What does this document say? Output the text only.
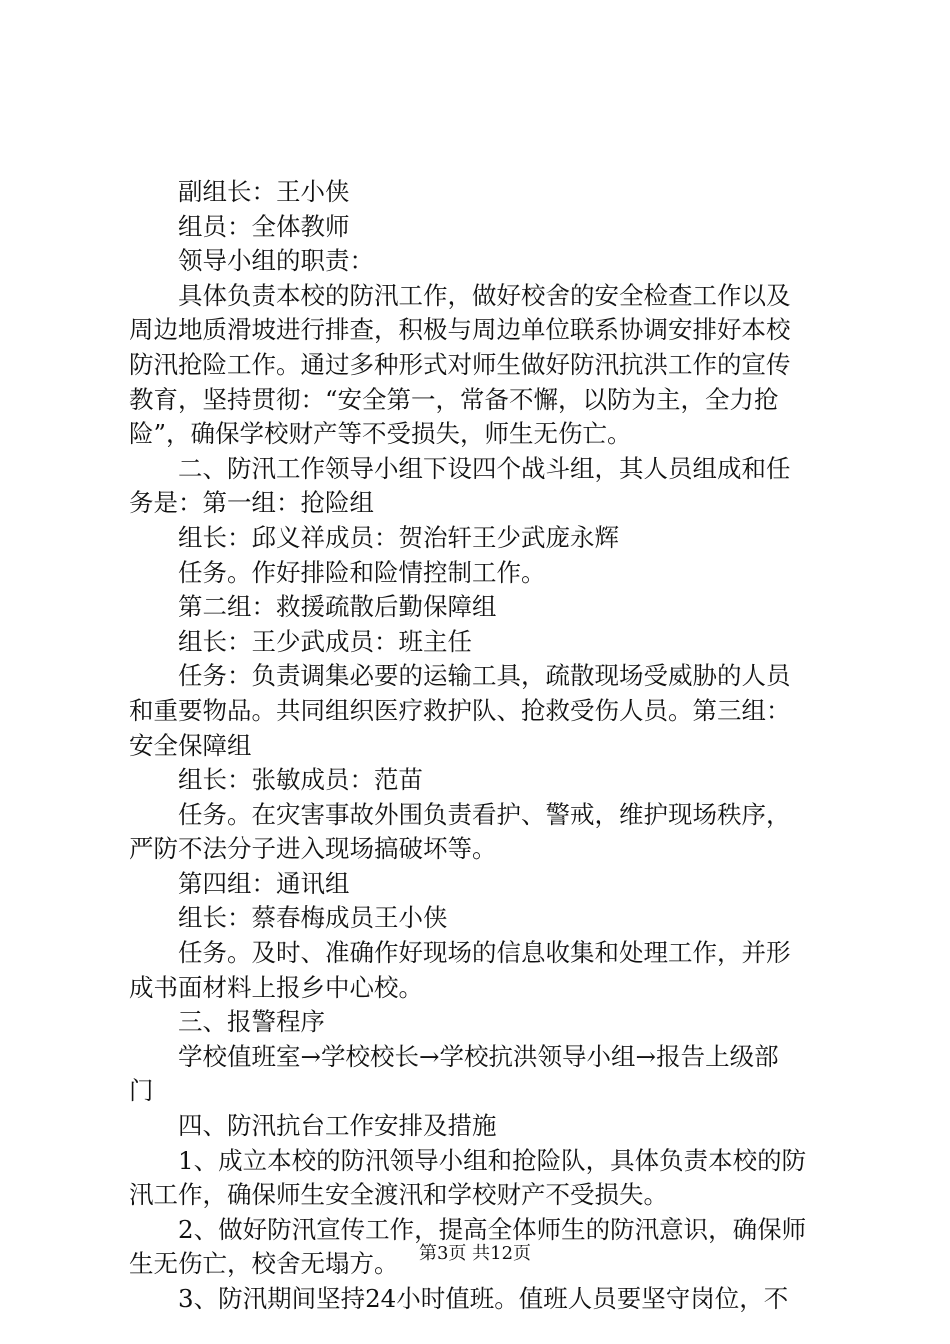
　　副组长：王小侠
　　组员：全体教师
　　领导小组的职责：
　　具体负责本校的防汛工作，做好校舍的安全检查工作以及
周边地质滑坡进行排查，积极与周边单位联系协调安排好本校
防汛抢险工作。通过多种形式对师生做好防汛抗洪工作的宣传
教育，坚持贯彻：“安全第一，常备不懈，以防为主，全力抢
险”，确保学校财产等不受损失，师生无伤亡。
　　二、防汛工作领导小组下设四个战斗组，其人员组成和任
务是：第一组：抢险组
　　组长：邱义祥成员：贺治轩王少武庞永辉
　　任务。作好排险和险情控制工作。
　　第二组：救援疏散后勤保障组
　　组长：王少武成员：班主任
　　任务：负责调集必要的运输工具，疏散现场受威胁的人员
和重要物品。共同组织医疗救护队、抢救受伤人员。第三组：
安全保障组
　　组长：张敏成员：范苗
　　任务。在灾害事故外围负责看护、警戒，维护现场秩序，
严防不法分子进入现场搞破坏等。
　　第四组：通讯组
　　组长：蔡春梅成员王小侠
　　任务。及时、准确作好现场的信息收集和处理工作，并形
成书面材料上报乡中心校。
　　三、报警程序
　　学校值班室→学校校长→学校抗洪领导小组→报告上级部
门
　　四、防汛抗台工作安排及措施
　　1、成立本校的防汛领导小组和抢险队，具体负责本校的防
汛工作，确保师生安全渡汛和学校财产不受损失。
　　2、做好防汛宣传工作，提高全体师生的防汛意识，确保师
生无伤亡，校舍无塌方。
　　3、防汛期间坚持24小时值班。值班人员要坚守岗位，不
第3页 共12页
